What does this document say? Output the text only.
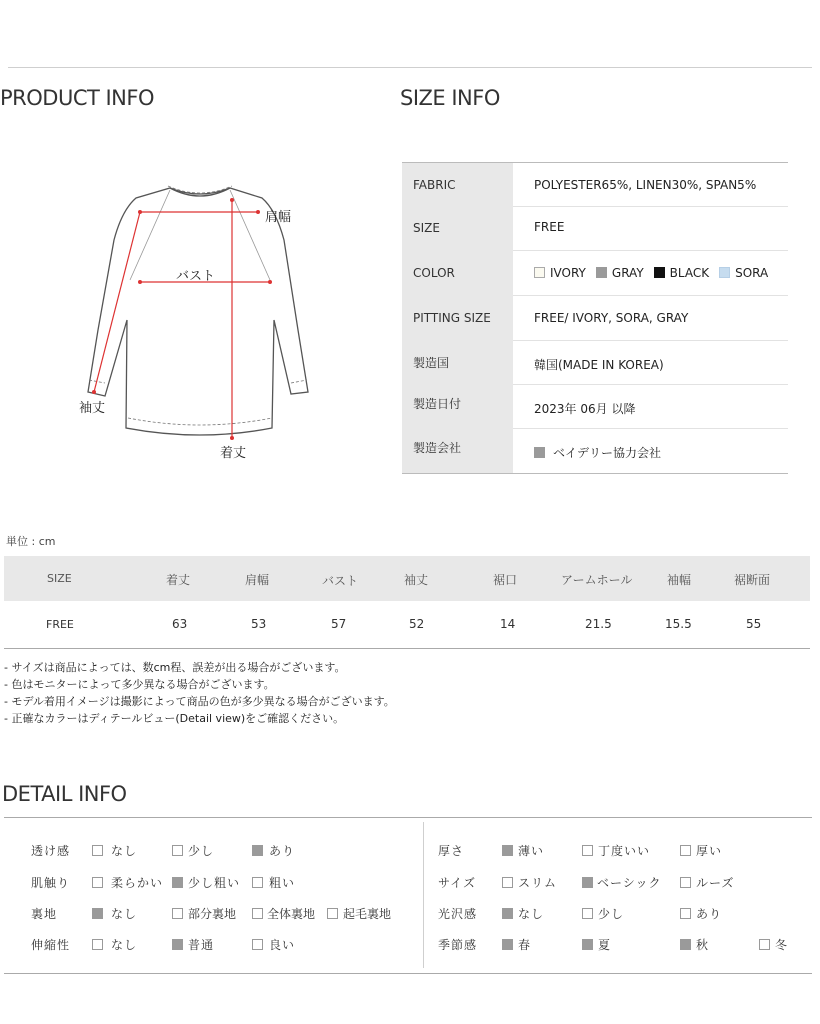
PRODUCT INFO
肩幅
バスト
袖丈
着丈
SIZE INFO
FABRIC	POLYESTER65%, LINEN30%, SPAN5%
SIZE	FREE
COLOR	IVORY GRAY BLACK SORA
PITTING SIZE	FREE/ IVORY, SORA, GRAY
製造国	韓国(MADE IN KOREA)
製造日付	2023年 06月 以降
製造会社	ベイデリー協力会社
単位 : cm
SIZE	着丈	肩幅	バスト	袖丈	裾口	アームホール	袖幅	裾断面
FREE	63	53	57	52	14	21.5	15.5	55
- サイズは商品によっては、数cm程、誤差が出る場合がございます。
- 色はモニターによって多少異なる場合がございます。
- モデル着用イメージは撮影によって商品の色が多少異なる場合がございます。
- 正確なカラーはディテールビュー(Detail view)をご確認ください。
DETAIL INFO
透け感	なし	少し	あり
肌触り	柔らかい 少し粗い 粗い
裏地	なし	部分裏地	全体裏地 起毛裏地
伸縮性	なし	普通	良い
厚さ	薄い	丁度いい	厚い
サイズ	スリム	ベーシック	ルーズ
光沢感	なし	少し	あり
季節感	春	夏	秋	冬
